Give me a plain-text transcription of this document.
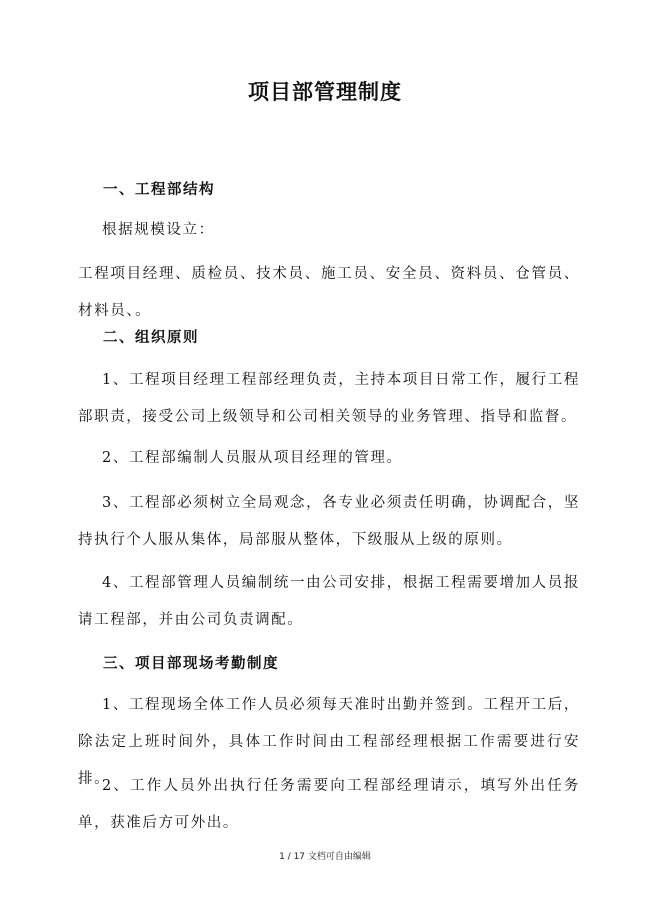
项目部管理制度
一、工程部结构
根据规模设立：
工程项目经理、质检员、技术员、施工员、安全员、资料员、仓管员、材料员、。
二、组织原则
1、工程项目经理工程部经理负责，主持本项目日常工作，履行工程部职责，接受公司上级领导和公司相关领导的业务管理、指导和监督。
2、工程部编制人员服从项目经理的管理。
3、工程部必须树立全局观念，各专业必须责任明确，协调配合，坚持执行个人服从集体，局部服从整体，下级服从上级的原则。
4、工程部管理人员编制统一由公司安排，根据工程需要增加人员报请工程部，并由公司负责调配。
三、项目部现场考勤制度
1、工程现场全体工作人员必须每天准时出勤并签到。工程开工后，除法定上班时间外，具体工作时间由工程部经理根据工作需要进行安排。
2、工作人员外出执行任务需要向工程部经理请示，填写外出任务单，获准后方可外出。
1 / 17 文档可自由编辑
